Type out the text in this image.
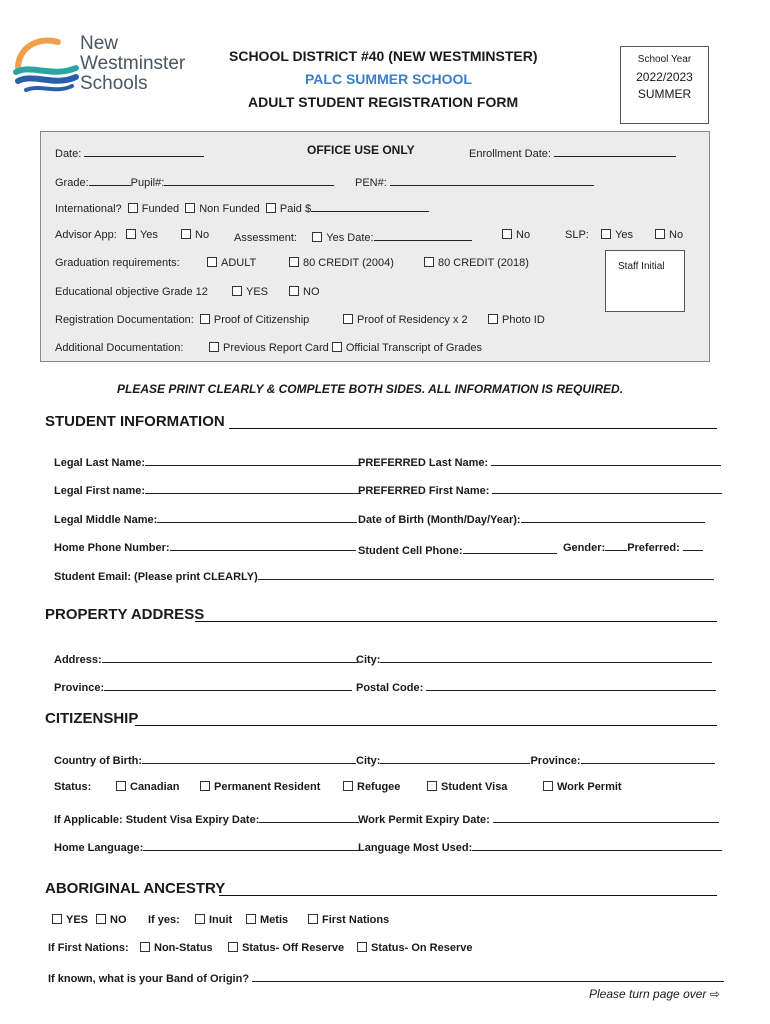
New
Westminster
Schools
SCHOOL DISTRICT #40 (NEW WESTMINSTER)
PALC SUMMER SCHOOL
ADULT STUDENT REGISTRATION FORM
School Year
2022/2023
SUMMER
Date:	OFFICE USE ONLY	Enrollment Date:
Grade:	Pupil#:	PEN#:
International? Funded Non Funded Paid $
Advisor App: Yes	No Assessment:	Yes Date:	No	SLP: Yes	No
Graduation requirements:	ADULT	80 CREDIT (2004)	80 CREDIT (2018)	Staff Initial
Educational objective Grade 12	YES	NO
Registration Documentation: Proof of Citizenship	Proof of Residency x 2	Photo ID
Additional Documentation:	Previous Report Card Official Transcript of Grades
PLEASE PRINT CLEARLY & COMPLETE BOTH SIDES. ALL INFORMATION IS REQUIRED.
STUDENT INFORMATION
Legal Last Name:	PREFERRED Last Name:
Legal First name:	PREFERRED First Name:
Legal Middle Name:	Date of Birth (Month/Day/Year):
Home Phone Number:	Student Cell Phone:	Gender: Preferred:
Student Email: (Please print CLEARLY)
PROPERTY ADDRESS
Address:	City:
Province:	Postal Code:
CITIZENSHIP
Country of Birth:	City:	Province:
Status:	Canadian	Permanent Resident	Refugee	Student Visa	Work Permit
If Applicable: Student Visa Expiry Date:	Work Permit Expiry Date:
Home Language:	Language Most Used:
ABORIGINAL ANCESTRY
YES	NO If yes:	Inuit	Metis	First Nations
If First Nations:	Non-Status	Status- Off Reserve	Status- On Reserve
If known, what is your Band of Origin?
Please turn page over ⇨
